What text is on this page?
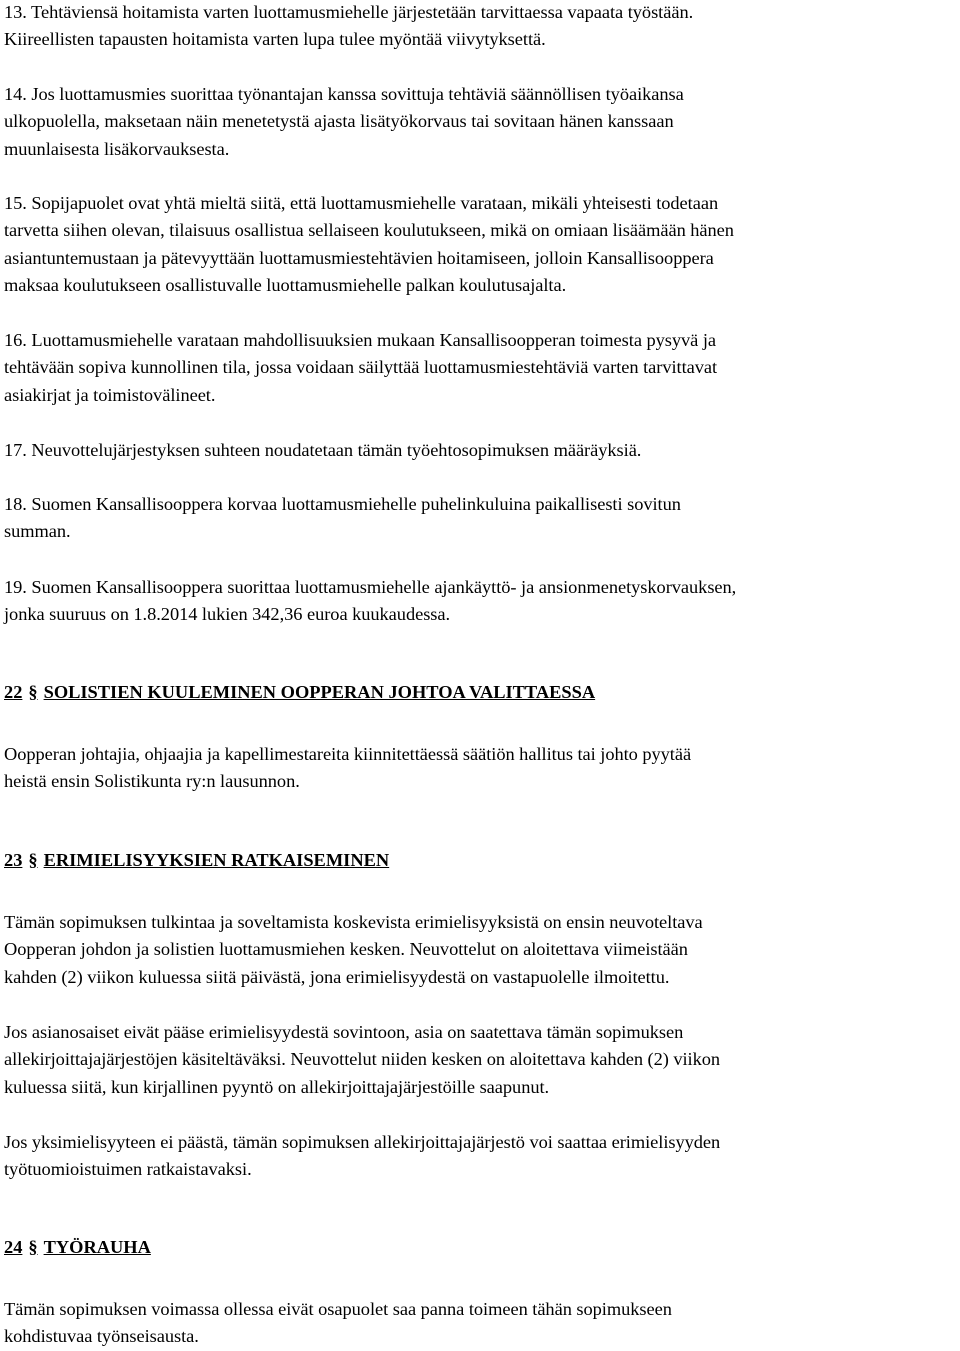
13. Tehtäviensä hoitamista varten luottamusmiehelle järjestetään tarvittaessa vapaata työstään.
Kiireellisten tapausten hoitamista varten lupa tulee myöntää viivytyksettä.

14. Jos luottamusmies suorittaa työnantajan kanssa sovittuja tehtäviä säännöllisen työaikansa
ulkopuolella, maksetaan näin menetetystä ajasta lisätyökorvaus tai sovitaan hänen kanssaan
muunlaisesta lisäkorvauksesta.

15. Sopijapuolet ovat yhtä mieltä siitä, että luottamusmiehelle varataan, mikäli yhteisesti todetaan
tarvetta siihen olevan, tilaisuus osallistua sellaiseen koulutukseen, mikä on omiaan lisäämään hänen
asiantuntemustaan ja pätevyyttään luottamusmiestehtävien hoitamiseen, jolloin Kansallisooppera
maksaa koulutukseen osallistuvalle luottamusmiehelle palkan koulutusajalta.

16. Luottamusmiehelle varataan mahdollisuuksien mukaan Kansallisoopperan toimesta pysyvä ja
tehtävään sopiva kunnollinen tila, jossa voidaan säilyttää luottamusmiestehtäviä varten tarvittavat
asiakirjat ja toimistovälineet.

17. Neuvottelujärjestyksen suhteen noudatetaan tämän työehtosopimuksen määräyksiä.

18. Suomen Kansallisooppera korvaa luottamusmiehelle puhelinkuluina paikallisesti sovitun
summan.

19. Suomen Kansallisooppera suorittaa luottamusmiehelle ajankäyttö- ja ansionmenetyskorvauksen,
jonka suuruus on 1.8.2014 lukien 342,36 euroa kuukaudessa.

22 § SOLISTIEN KUULEMINEN OOPPERAN JOHTOA VALITTAESSA

Oopperan johtajia, ohjaajia ja kapellimestareita kiinnitettäessä säätiön hallitus tai johto pyytää
heistä ensin Solistikunta ry:n lausunnon.

23 § ERIMIELISYYKSIEN RATKAISEMINEN

Tämän sopimuksen tulkintaa ja soveltamista koskevista erimielisyyksistä on ensin neuvoteltava
Oopperan johdon ja solistien luottamusmiehen kesken. Neuvottelut on aloitettava viimeistään
kahden (2) viikon kuluessa siitä päivästä, jona erimielisyydestä on vastapuolelle ilmoitettu.

Jos asianosaiset eivät pääse erimielisyydestä sovintoon, asia on saatettava tämän sopimuksen
allekirjoittajajärjestöjen käsiteltäväksi. Neuvottelut niiden kesken on aloitettava kahden (2) viikon
kuluessa siitä, kun kirjallinen pyyntö on allekirjoittajajärjestöille saapunut.

Jos yksimielisyyteen ei päästä, tämän sopimuksen allekirjoittajajärjestö voi saattaa erimielisyyden
työtuomioistuimen ratkaistavaksi.

24 § TYÖRAUHA

Tämän sopimuksen voimassa ollessa eivät osapuolet saa panna toimeen tähän sopimukseen
kohdistuvaa työnseisausta.
